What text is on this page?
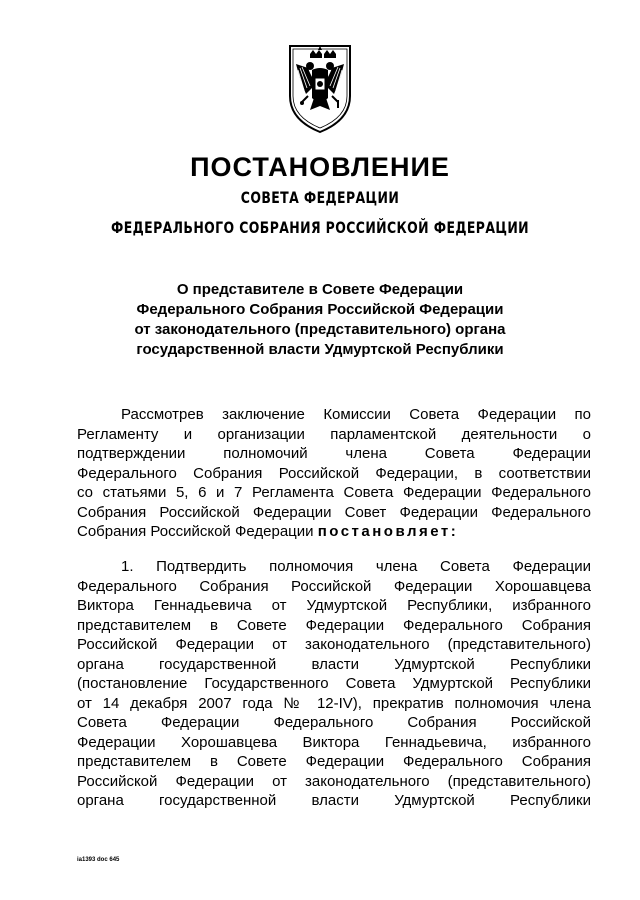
ПОСТАНОВЛЕНИЕ
СОВЕТА ФЕДЕРАЦИИ
ФЕДЕРАЛЬНОГО СОБРАНИЯ РОССИЙСКОЙ ФЕДЕРАЦИИ
О представителе в Совете Федерации
Федерального Собрания Российской Федерации
от законодательного (представительного) органа
государственной власти Удмуртской Республики
Рассмотрев заключение Комиссии Совета Федерации по
Регламенту и организации парламентской деятельности о
подтверждении полномочий члена Совета Федерации
Федерального Собрания Российской Федерации, в соответствии
со статьями 5, 6 и 7 Регламента Совета Федерации Федерального
Собрания Российской Федерации Совет Федерации Федерального
Собрания Российской Федерации постановляет:
1. Подтвердить полномочия члена Совета Федерации
Федерального Собрания Российской Федерации Хорошавцева
Виктора Геннадьевича от Удмуртской Республики, избранного
представителем в Совете Федерации Федерального Собрания
Российской Федерации от законодательного (представительного)
органа государственной власти Удмуртской Республики
(постановление Государственного Совета Удмуртской Республики
от 14 декабря 2007 года № 12-IV), прекратив полномочия члена
Совета Федерации Федерального Собрания Российской
Федерации Хорошавцева Виктора Геннадьевича, избранного
представителем в Совете Федерации Федерального Собрания
Российской Федерации от законодательного (представительного)
органа государственной власти Удмуртской Республики
ia1393 doc 645
